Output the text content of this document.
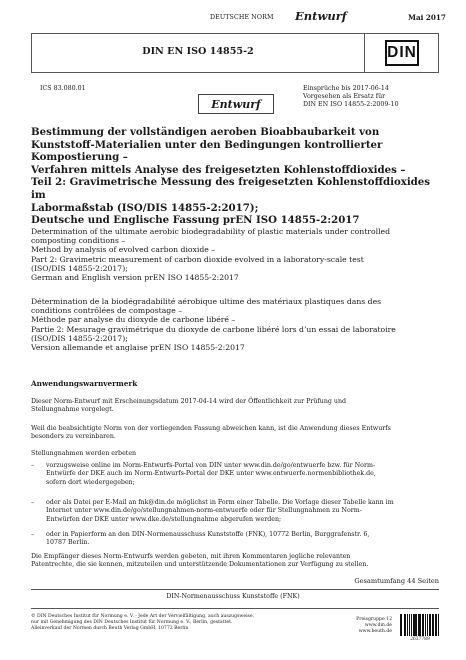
DEUTSCHE NORM Entwurf	Mai 2017
DIN EN ISO 14855-2	DIN
ICS 83.080.01	Einsprüche bis 2017-06-14
Vorgesehen als Ersatz für
DIN EN ISO 14855-2:2009-10
Entwurf
Bestimmung der vollständigen aeroben Bioabbaubarkeit von
Kunststoff-Materialien unter den Bedingungen kontrollierter
Kompostierung –
Verfahren mittels Analyse des freigesetzten Kohlenstoffdioxides –
Teil 2: Gravimetrische Messung des freigesetzten Kohlenstoffdioxides im
Labormaßstab (ISO/DIS 14855-2:2017);
Deutsche und Englische Fassung prEN ISO 14855-2:2017
Determination of the ultimate aerobic biodegradability of plastic materials under controlled
composting conditions –
Method by analysis of evolved carbon dioxide –
Part 2: Gravimetric measurement of carbon dioxide evolved in a laboratory-scale test
(ISO/DIS 14855-2:2017);
German and English version prEN ISO 14855-2:2017
Détermination de la biodégradabilité aérobique ultime des matériaux plastiques dans des
conditions contrôlées de compostage –
Méthode par analyse du dioxyde de carbone libéré –
Partie 2: Mesurage gravimétrique du dioxyde de carbone libéré lors d’un essai de laboratoire
(ISO/DIS 14855-2:2017);
Version allemande et anglaise prEN ISO 14855-2:2017
Anwendungswarnvermerk
Dieser Norm-Entwurf mit Erscheinungsdatum 2017-04-14 wird der Öffentlichkeit zur Prüfung und
Stellungnahme vorgelegt.
Weil die beabsichtigte Norm von der vorliegenden Fassung abweichen kann, ist die Anwendung dieses Entwurfs
besonders zu vereinbaren.
Stellungnahmen werden erbeten
– vorzugsweise online im Norm-Entwurfs-Portal von DIN unter www.din.de/go/entwuerfe bzw. für Norm-
Entwürfe der DKE auch im Norm-Entwurfs-Portal der DKE unter www.entwuerfe.normenbibliothek.de,
sofern dort wiedergegeben;
– oder als Datei per E-Mail an fnk@din.de möglichst in Form einer Tabelle. Die Vorlage dieser Tabelle kann im
Internet unter www.din.de/go/stellungnahmen-norm-entwuerfe oder für Stellungnahmen zu Norm-
Entwürfen der DKE unter www.dke.de/stellungnahme abgerufen werden;
– oder in Papierform an den DIN-Normenausschuss Kunststoffe (FNK), 10772 Berlin, Burggrafenstr. 6,
10787 Berlin.
Die Empfänger dieses Norm-Entwurfs werden gebeten, mit ihren Kommentaren jegliche relevanten
Patentrechte, die sie kennen, mitzuteilen und unterstützende Dokumentationen zur Verfügung zu stellen.
Gesamtumfang 44 Seiten
DIN-Normenausschuss Kunststoffe (FNK)
© DIN Deutsches Institut für Normung e. V. · Jede Art der Vervielfältigung, auch auszugsweise,
nur mit Genehmigung des DIN Deutsches Institut für Normung e. V., Berlin, gestattet.
Alleinverkauf der Normen durch Beuth Verlag GmbH, 10772 Berlin
Preisgruppe 12
www.din.de
www.beuth.de
2637789
